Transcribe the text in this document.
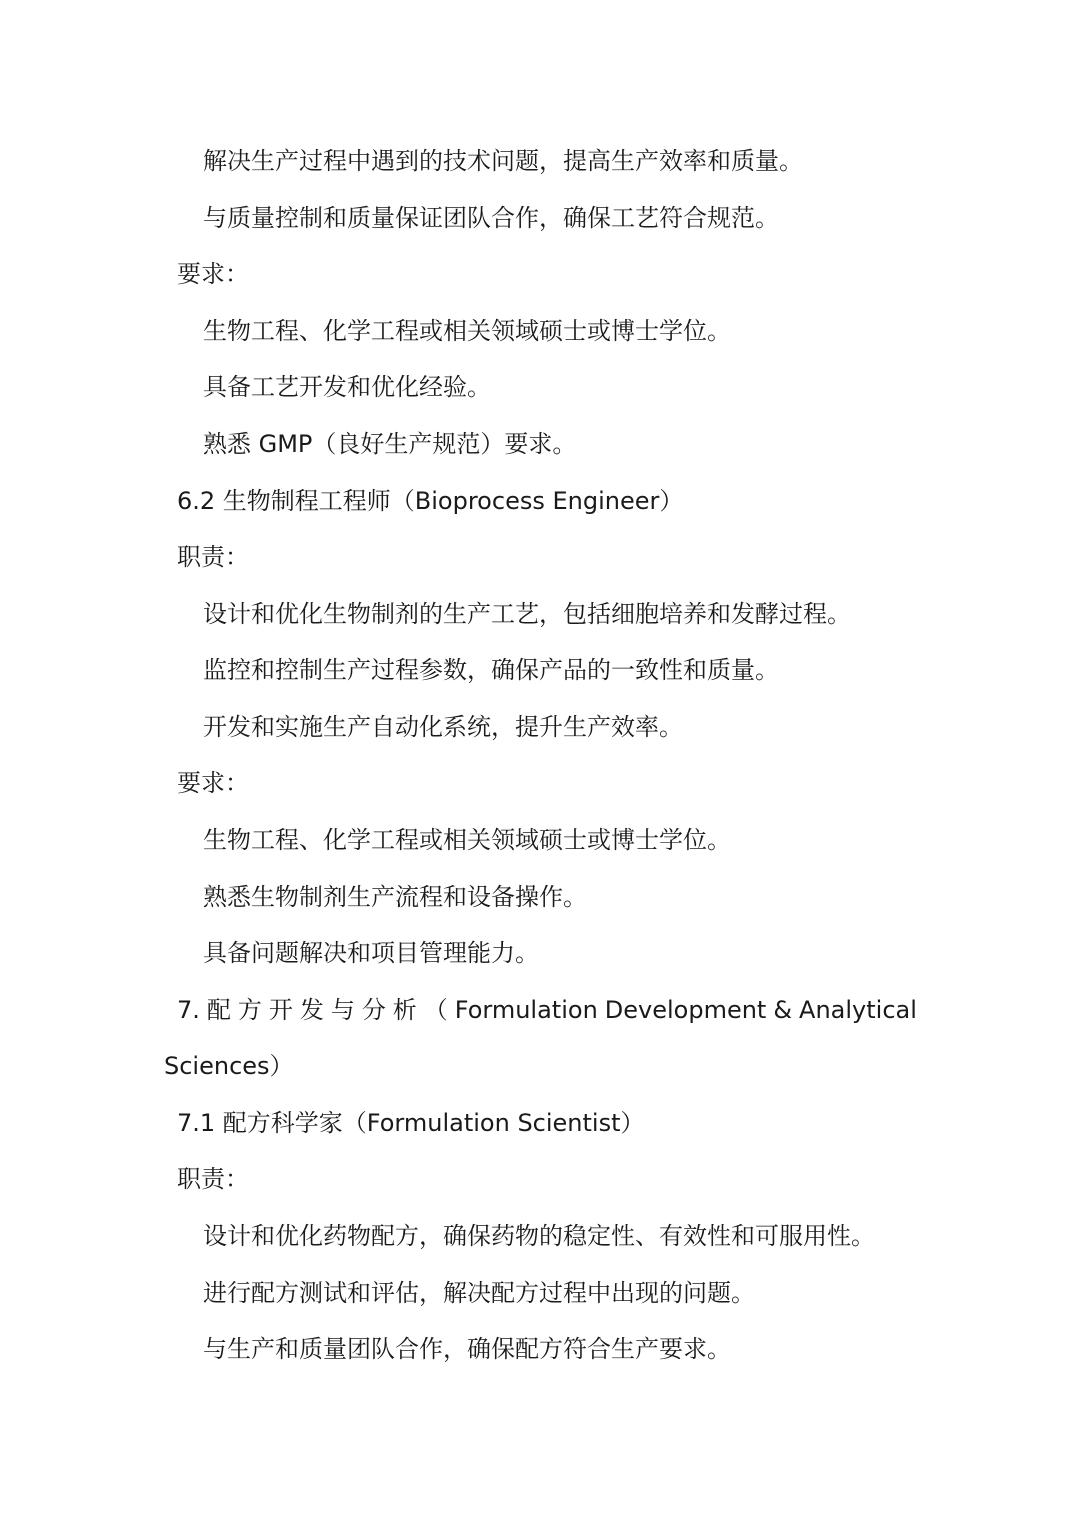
解决生产过程中遇到的技术问题，提高生产效率和质量。
与质量控制和质量保证团队合作，确保工艺符合规范。
要求：
生物工程、化学工程或相关领域硕士或博士学位。
具备工艺开发和优化经验。
熟悉 GMP（良好生产规范）要求。
6.2 生物制程工程师（Bioprocess Engineer）
职责：
设计和优化生物制剂的生产工艺，包括细胞培养和发酵过程。
监控和控制生产过程参数，确保产品的一致性和质量。
开发和实施生产自动化系统，提升生产效率。
要求：
生物工程、化学工程或相关领域硕士或博士学位。
熟悉生物制剂生产流程和设备操作。
具备问题解决和项目管理能力。
7. 配 方 开 发 与 分 析 （ Formulation Development & Analytical
Sciences）
7.1 配方科学家（Formulation Scientist）
职责：
设计和优化药物配方，确保药物的稳定性、有效性和可服用性。
进行配方测试和评估，解决配方过程中出现的问题。
与生产和质量团队合作，确保配方符合生产要求。
